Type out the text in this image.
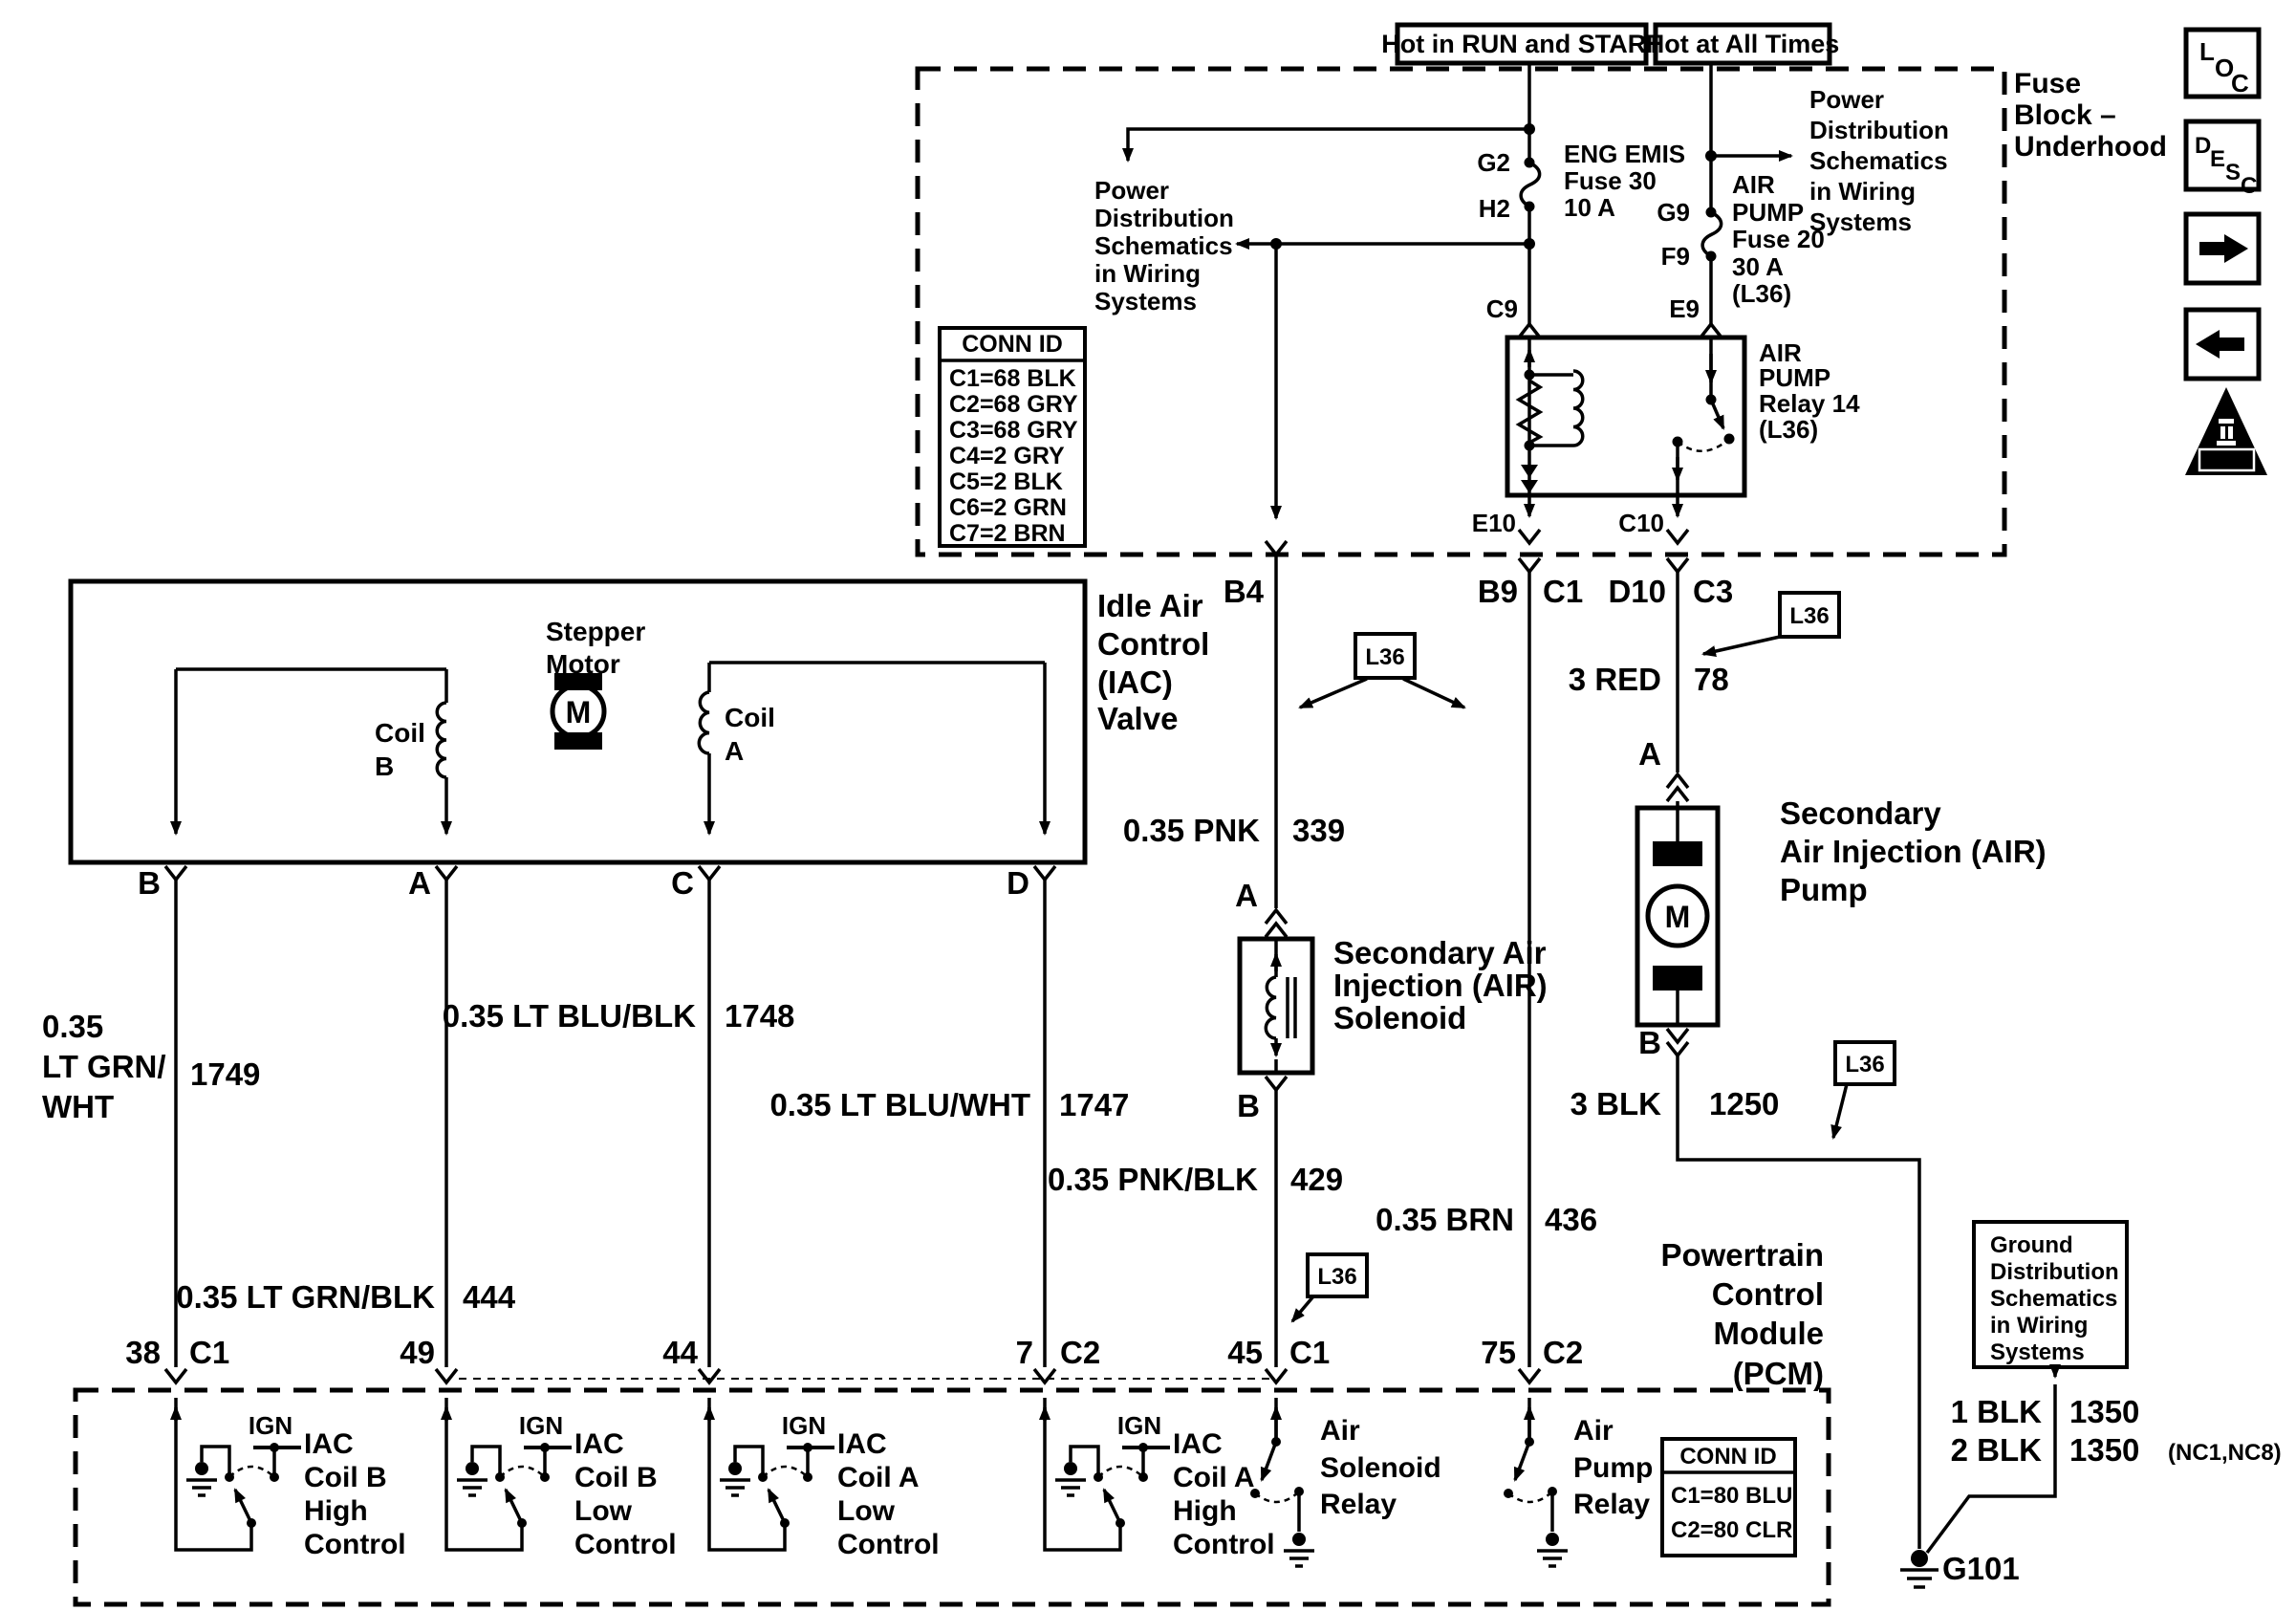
IGN	Hot in RUN and START
Hot at All Times
Fuse
Block –
Underhood
G2
H2
ENG EMIS
Fuse 30
10 A G9
F9
AIR
PUMP
Fuse 20
30 A
(L36)
Power
Distribution
Schematics
in Wiring
Systems
Power
Distribution
Schematics
in Wiring
Systems
CONN ID
C1=68 BLK
C2=68 GRY
C3=68 GRY
C4=2 GRY
C5=2 BLK
C6=2 GRN
C7=2 BRN
C9	E9
AIR
PUMP
Relay 14
(L36)
E10	C10
B4	B9 C1 D10 C3
Idle Air
Control
(IAC)
Valve
Coil
B
Coil
A
M
Stepper
Motor
B	A	C	D
0.35
LT GRN/
WHT
1749
0.35 LT GRN/BLK 444
0.35 LT BLU/BLK 1748
0.35 LT BLU/WHT 1747
0.35 PNK 339
A
Secondary Air
Injection (AIR)
Solenoid
B
0.35 PNK/BLK 429
0.35 BRN 436
3 RED 78
A
M
Secondary
Air Injection (AIR)
Pump
B
3 BLK 1250
Ground
Distribution
Schematics
in Wiring
Systems
1 BLK 1350
2 BLK 1350 (NC1,NC8)
G101
L36
L36
L36
L36
Powertrain
Control
Module
(PCM)
38 C1	49	44	7 C2	45 C1	75 C2
IAC
Coil B
High
Control
IAC
Coil B
Low
Control
IAC
Coil A
Low
Control
IAC
Coil A
High
Control
Air
Solenoid
Relay
Air
Pump
Relay
CONN ID
C1=80 BLU
C2=80 CLR
L
O
C
D
E
S
C
OBD II
